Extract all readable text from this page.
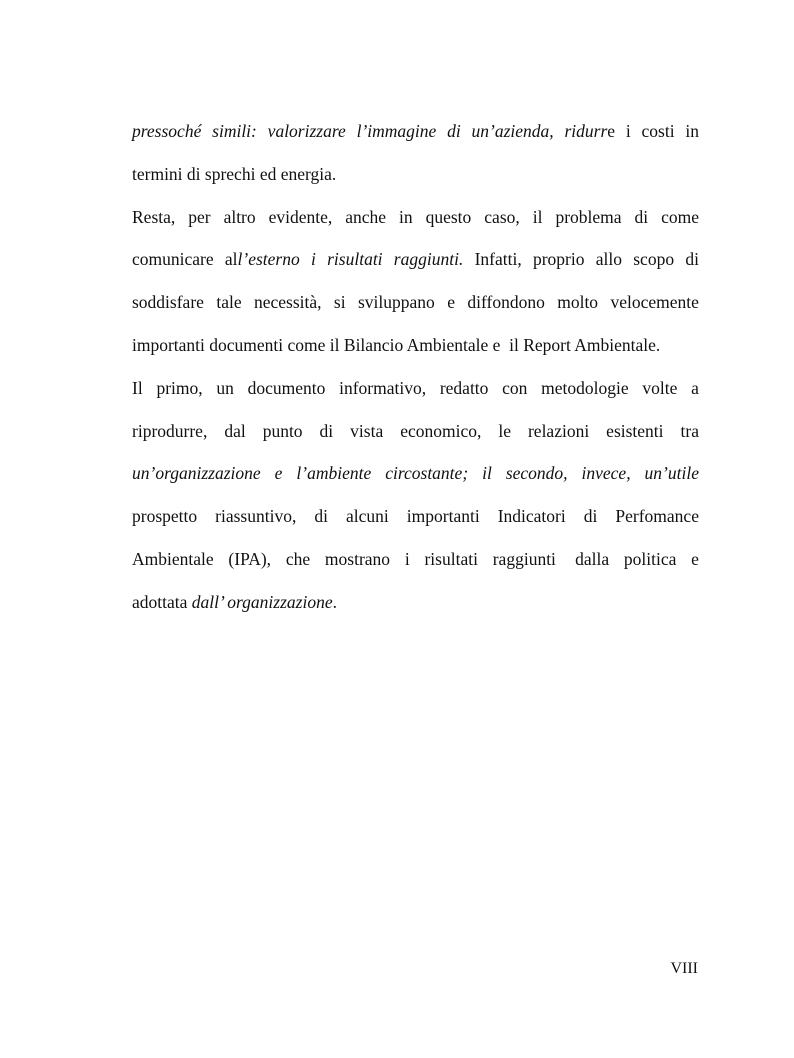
pressoché simili: valorizzare l’immagine di un’azienda, ridurre i costi in
termini di sprechi ed energia.
Resta, per altro evidente, anche in questo caso, il problema di come
comunicare all’esterno i risultati raggiunti. Infatti, proprio allo scopo di
soddisfare tale necessità, si sviluppano e diffondono molto velocemente
importanti documenti come il Bilancio Ambientale e  il Report Ambientale.
Il primo, un documento informativo, redatto con metodologie volte a
riprodurre, dal punto di vista economico, le relazioni esistenti tra
un’organizzazione e l’ambiente circostante; il secondo, invece, un’utile
prospetto riassuntivo, di alcuni importanti Indicatori di Perfomance
Ambientale (IPA), che mostrano i risultati raggiunti dalla politica e
adottata dall’ organizzazione.
VIII
